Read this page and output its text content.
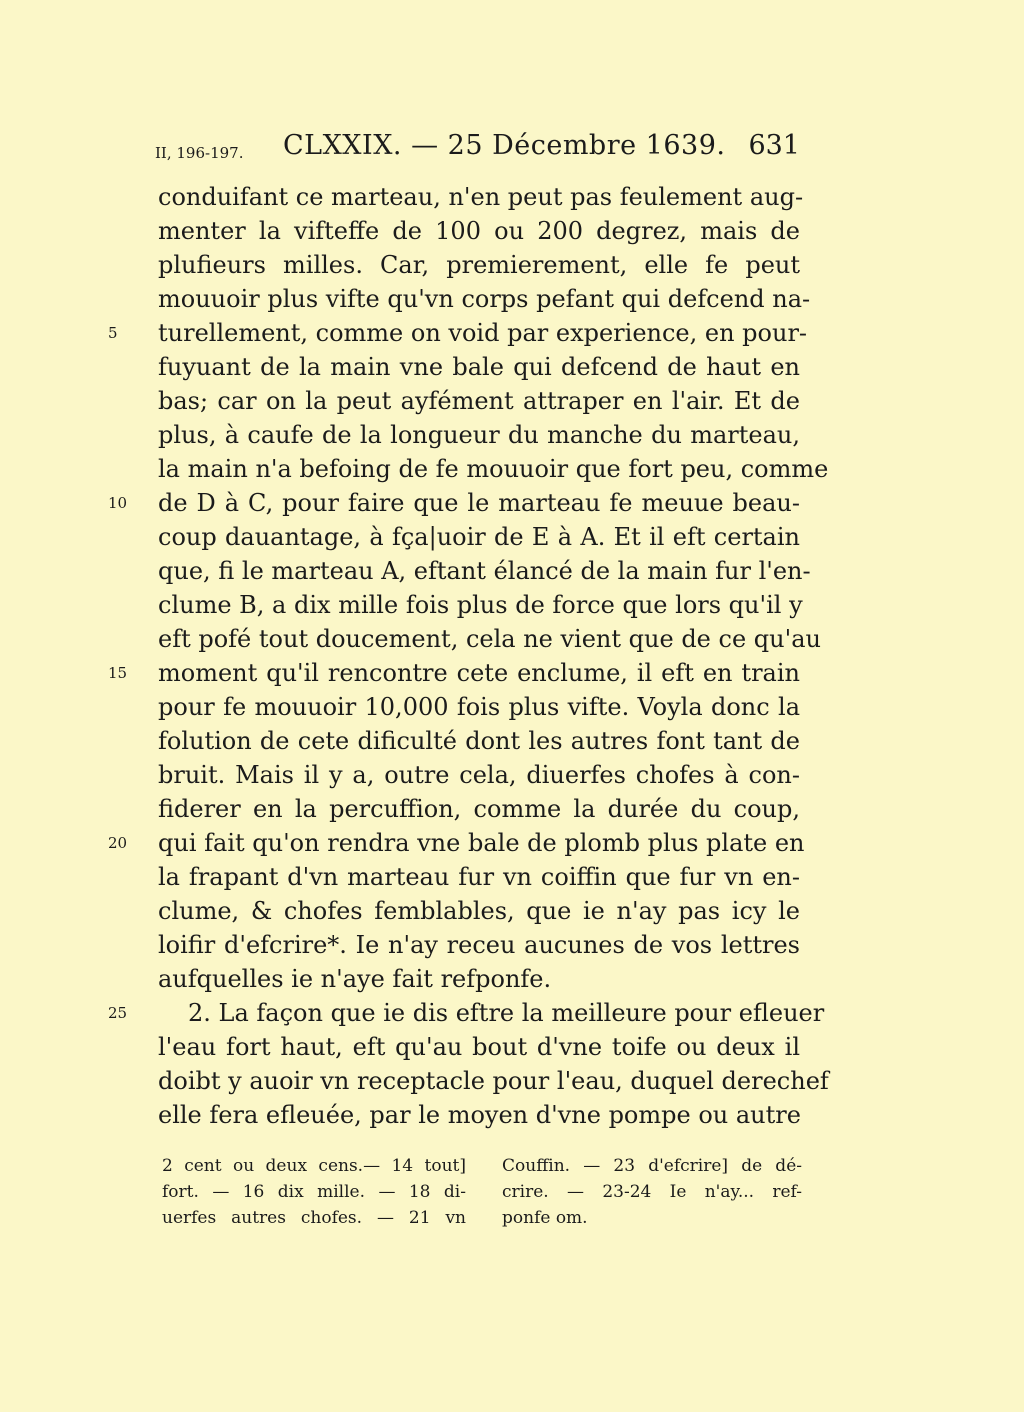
II, 196-197. CLXXIX. — 25 Décembre 1639. 631
5
10
15
20
25
conduifant ce marteau, n'en peut pas feulement aug-
menter la vifteffe de 100 ou 200 degrez, mais de
plufieurs milles. Car, premierement, elle fe peut
mouuoir plus vifte qu'vn corps pefant qui defcend na-
turellement, comme on void par experience, en pour-
fuyuant de la main vne bale qui defcend de haut en
bas; car on la peut ayfément attraper en l'air. Et de
plus, à caufe de la longueur du manche du marteau,
la main n'a befoing de fe mouuoir que fort peu, comme
de D à C, pour faire que le marteau fe meuue beau-
coup dauantage, à fça|uoir de E à A. Et il eft certain
que, fi le marteau A, eftant élancé de la main fur l'en-
clume B, a dix mille fois plus de force que lors qu'il y
eft pofé tout doucement, cela ne vient que de ce qu'au
moment qu'il rencontre cete enclume, il eft en train
pour fe mouuoir 10,000 fois plus vifte. Voyla donc la
folution de cete dificulté dont les autres font tant de
bruit. Mais il y a, outre cela, diuerfes chofes à con-
fiderer en la percuffion, comme la durée du coup,
qui fait qu'on rendra vne bale de plomb plus plate en
la frapant d'vn marteau fur vn coiffin que fur vn en-
clume, & chofes femblables, que ie n'ay pas icy le
loifir d'efcrire*. Ie n'ay receu aucunes de vos lettres
aufquelles ie n'aye fait refponfe.
2. La façon que ie dis eftre la meilleure pour efleuer
l'eau fort haut, eft qu'au bout d'vne toife ou deux il
doibt y auoir vn receptacle pour l'eau, duquel derechef
elle fera efleuée, par le moyen d'vne pompe ou autre
2 cent ou deux cens.— 14 tout]
fort. — 16 dix mille. — 18 di-
uerfes autres chofes. — 21 vn
Couffin. — 23 d'efcrire] de dé-
crire. — 23-24 Ie n'ay... ref-
ponfe om.
